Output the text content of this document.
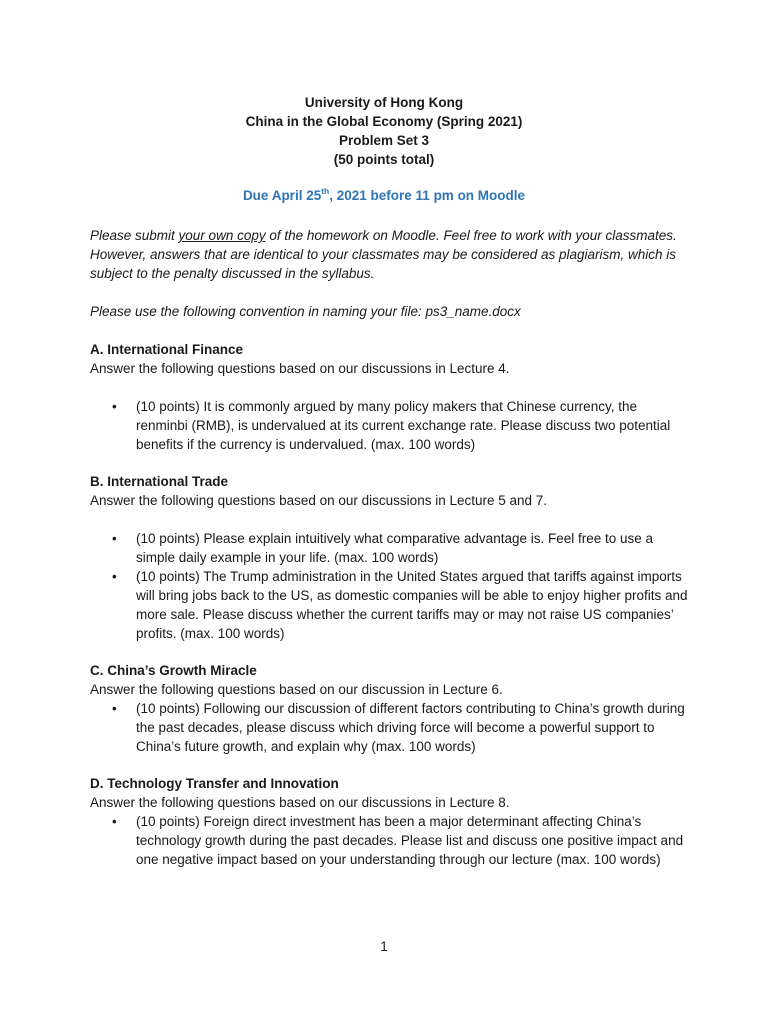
University of Hong Kong
China in the Global Economy (Spring 2021)
Problem Set 3
(50 points total)
Due April 25th, 2021 before 11 pm on Moodle

Please submit your own copy of the homework on Moodle. Feel free to work with your classmates. However, answers that are identical to your classmates may be considered as plagiarism, which is subject to the penalty discussed in the syllabus.

Please use the following convention in naming your file: ps3_name.docx

A. International Finance

Answer the following questions based on our discussions in Lecture 4.

• (10 points) It is commonly argued by many policy makers that Chinese currency, the renminbi (RMB), is undervalued at its current exchange rate. Please discuss two potential benefits if the currency is undervalued. (max. 100 words)

B. International Trade

Answer the following questions based on our discussions in Lecture 5 and 7.

• (10 points) Please explain intuitively what comparative advantage is. Feel free to use a simple daily example in your life. (max. 100 words)
• (10 points) The Trump administration in the United States argued that tariffs against imports will bring jobs back to the US, as domestic companies will be able to enjoy higher profits and more sale. Please discuss whether the current tariffs may or may not raise US companies’ profits. (max. 100 words)

C. China’s Growth Miracle

Answer the following questions based on our discussion in Lecture 6.

• (10 points) Following our discussion of different factors contributing to China’s growth during the past decades, please discuss which driving force will become a powerful support to China’s future growth, and explain why (max. 100 words)

D. Technology Transfer and Innovation

Answer the following questions based on our discussions in Lecture 8.

• (10 points) Foreign direct investment has been a major determinant affecting China’s technology growth during the past decades. Please list and discuss one positive impact and one negative impact based on your understanding through our lecture (max. 100 words)
1
